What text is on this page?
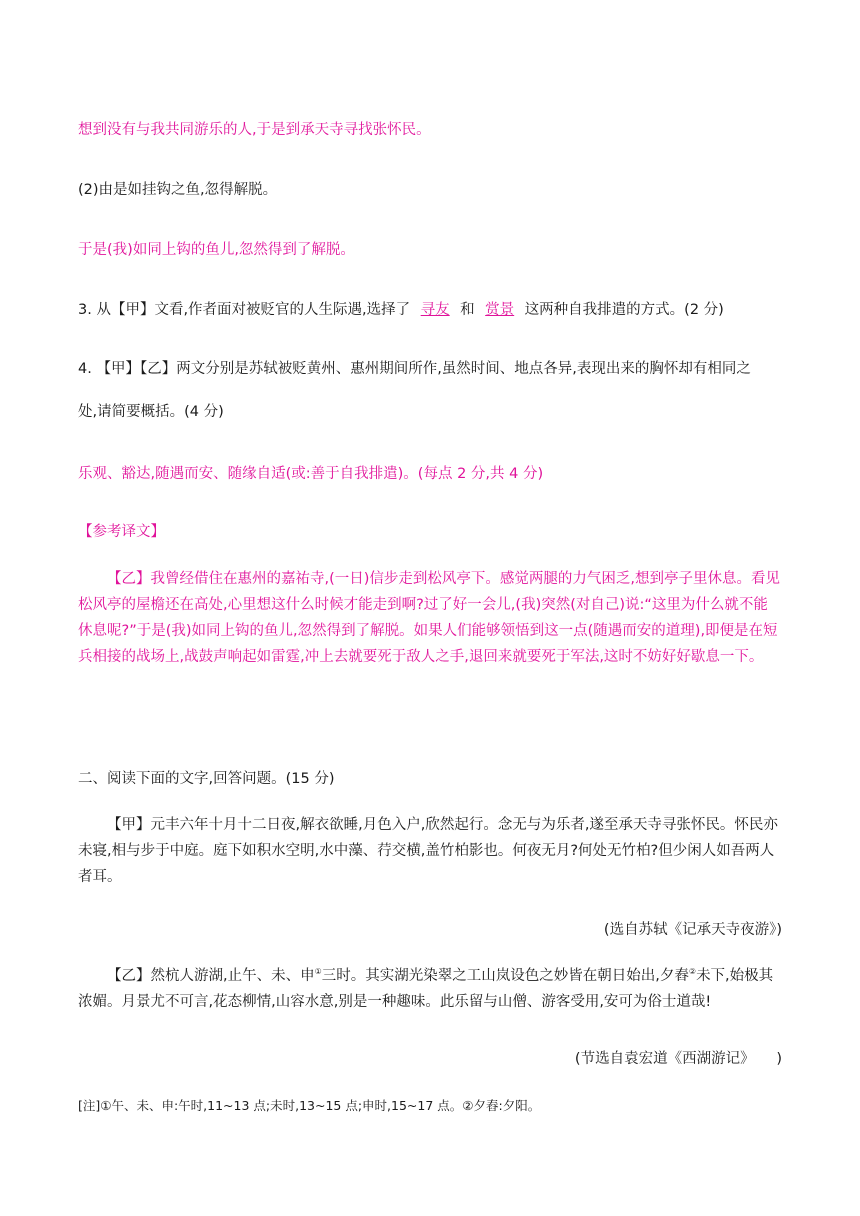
想到没有与我共同游乐的人,于是到承天寺寻找张怀民。
(2)由是如挂钩之鱼,忽得解脱。
于是(我)如同上钩的鱼儿,忽然得到了解脱。
3. 从【甲】文看,作者面对被贬官的人生际遇,选择了 寻友 和 赏景 这两种自我排遣的方式。(2 分)
4. 【甲】【乙】两文分别是苏轼被贬黄州、惠州期间所作,虽然时间、地点各异,表现出来的胸怀却有相同之
处,请简要概括。(4 分)
乐观、豁达,随遇而安、随缘自适(或:善于自我排遣)。(每点 2 分,共 4 分)
【参考译文】
【乙】我曾经借住在惠州的嘉祐寺,(一日)信步走到松风亭下。感觉两腿的力气困乏,想到亭子里休息。看见松风亭的屋檐还在高处,心里想这什么时候才能走到啊?过了好一会儿,(我)突然(对自己)说:“这里为什么就不能休息呢?”于是(我)如同上钩的鱼儿,忽然得到了解脱。如果人们能够领悟到这一点(随遇而安的道理),即便是在短兵相接的战场上,战鼓声响起如雷霆,冲上去就要死于敌人之手,退回来就要死于军法,这时不妨好好歇息一下。
二、阅读下面的文字,回答问题。(15 分)
【甲】元丰六年十月十二日夜,解衣欲睡,月色入户,欣然起行。念无与为乐者,遂至承天寺寻张怀民。怀民亦未寝,相与步于中庭。庭下如积水空明,水中藻、荇交横,盖竹柏影也。何夜无月?何处无竹柏?但少闲人如吾两人者耳。
(选自苏轼《记承天寺夜游》)
【乙】然杭人游湖,止午、未、申①三时。其实湖光染翠之工山岚设色之妙皆在朝日始出,夕舂②未下,始极其浓媚。月景尤不可言,花态柳情,山容水意,别是一种趣味。此乐留与山僧、游客受用,安可为俗士道哉!
(节选自袁宏道《西湖游记》　　)
[注]①午、未、申:午时,11~13 点;未时,13~15 点;申时,15~17 点。②夕舂:夕阳。
